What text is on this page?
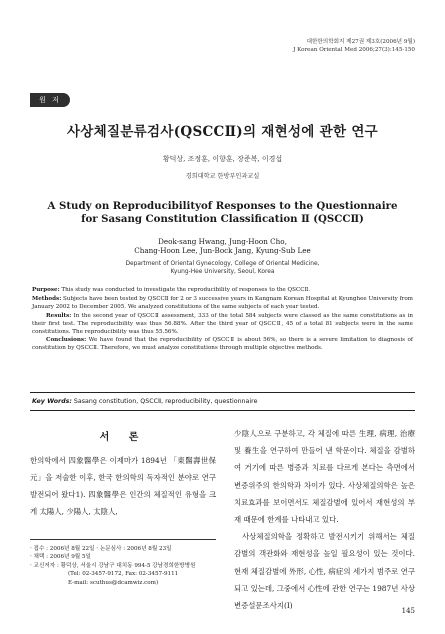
대한한의학회지 제27권 제3호(2006년 9월)
J Korean Oriental Med 2006;27(3):145-150
원 저
사상체질분류검사(QSCCⅡ)의 재현성에 관한 연구
황덕상, 조정훈, 이향훈, 장준복, 이경섭
경희대학교 한방부인과교실
A Study on Reproducibilityof Responses to the Questionnaire
for Sasang Constitution Classification Ⅱ (QSCCⅡ)
Deok-sang Hwang, Jung-Hoon Cho,
Chang-Hoon Lee, Jun-Bock Jang, Kyung-Sub Lee
Department of Oriental Gynecology, College of Oriental Medicine,
Kyung-Hee University, Seoul, Korea

Purpose: This study was conducted to investigate the reproducibility of responses to the QSCCⅡ.

Methods: Subjects have been tested by QSCCⅡ for 2 or 3 successive years in Kangnam Korean Hospital at Kyunghee University from January 2002 to December 2005. We analyzed constitutions of the same subjects of each year tested.

Results: In the second year of QSCCⅡ assessment, 333 of the total 584 subjects were classed as the same constitutions as in their first test. The reproducibility was thus 56.88%. After the third year of QSCCⅡ, 45 of a total 81 subjects were in the same constitutions. The reproducibility was thus 55.56%.

Conclusions: We have found that the reproducibility of QSCCⅡ is about 56%, so there is a severe limitation to diagnosis of constitution by QSCCⅡ. Therefore, we must analyze constitutions through multiple objective methods.

Key Words: Sasang constitution, QSCCⅡ, reproducibility, questionnaire
서 론
한의학에서 四象醫學은 이제마가 1894년 「東醫壽世保元」을 저술한 이후, 한국 한의학의 독자적인 분야로 연구 발전되어 왔다1). 四象醫學은 인간의 체질적인 유형을 크게 太陽人, 少陽人, 太陰人,

少陰人으로 구분하고, 각 체질에 따른 生理, 病理, 治療 및 養生을 연구하여 만들어 낸 학문이다. 체질을 감별하여 거기에 따른 병증과 치료를 다르게 본다는 측면에서 변증위주의 한의학과 차이가 있다. 사상체질의학은 높은 치료효과를 보이면서도 체질감별에 있어서 재현성의 부재 때문에 한계를 나타내고 있다.

사상체질의학을 정확하고 발전시키기 위해서는 체질감별의 객관화와 재현성을 높일 필요성이 있는 것이다. 현재 체질감별에 外形, 心性, 病症의 세가지 범주로 연구되고 있는데, 그중에서 心性에 관한 연구는 1987년 사상변증설문조사지(Ⅰ)

· 접수 : 2006년 8월 22일 · 논문심사 : 2006년 8월 23일
· 채택 : 2006년 9월 5일
· 교신저자 : 황덕상, 서울시 강남구 대치동 994-5 강남경희한방병원
(Tel: 02-3457-9172, Fax: 02-3457-9111
E-mail: scuthus@dcamwiz.com)
145
